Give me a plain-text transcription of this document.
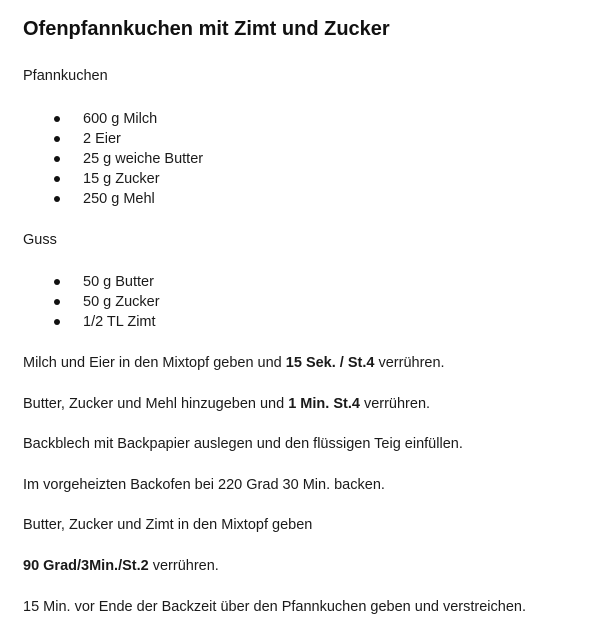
Ofenpfannkuchen mit Zimt und Zucker
Pfannkuchen
600 g Milch
2 Eier
25 g weiche Butter
15 g Zucker
250 g Mehl
Guss
50 g Butter
50 g Zucker
1/2 TL Zimt
Milch und Eier in den Mixtopf geben und 15 Sek. / St.4 verrühren.
Butter, Zucker und Mehl hinzugeben und 1 Min. St.4 verrühren.
Backblech mit Backpapier auslegen und den flüssigen Teig einfüllen.
Im vorgeheizten Backofen bei 220 Grad 30 Min. backen.
Butter, Zucker und Zimt in den Mixtopf geben
90 Grad/3Min./St.2 verrühren.
15 Min. vor Ende der Backzeit über den Pfannkuchen geben und verstreichen.
